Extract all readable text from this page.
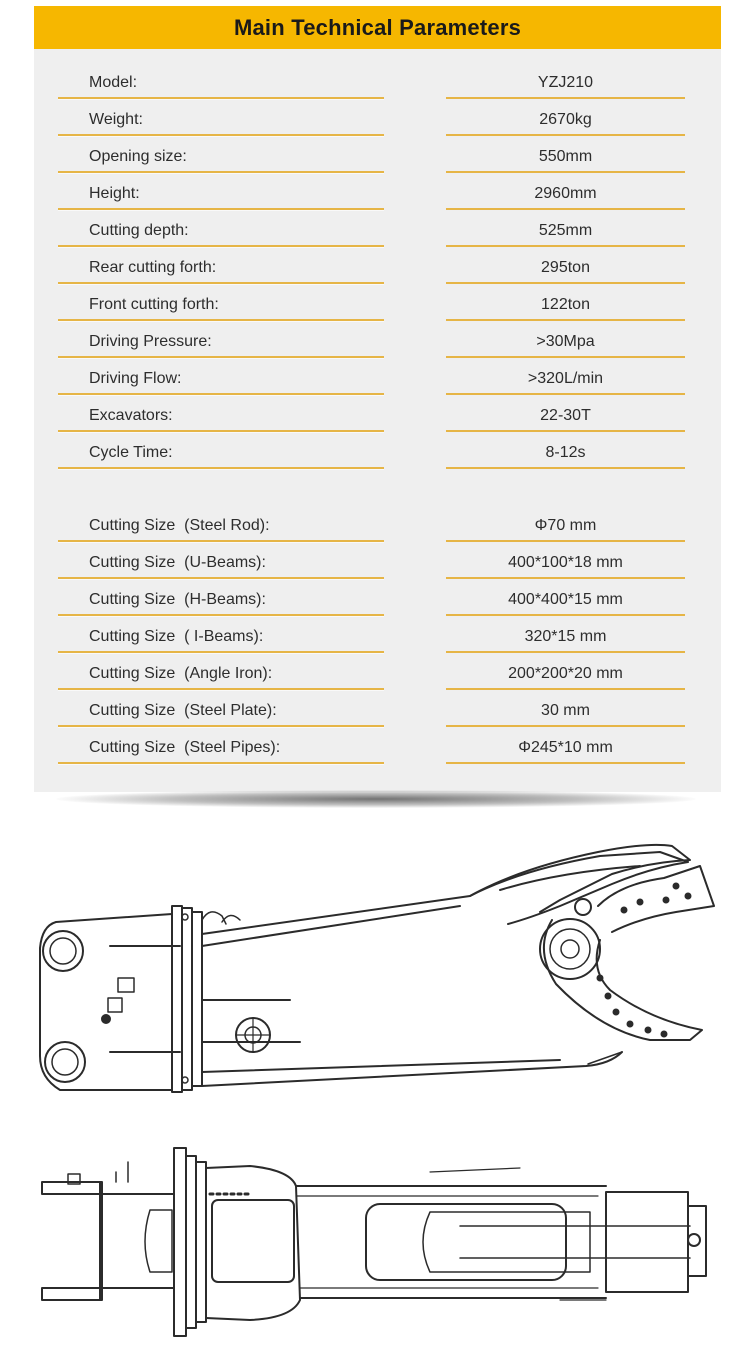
Main Technical Parameters
Model:	YZJ210
Weight:	2670kg
Opening size:	550mm
Height:	2960mm
Cutting depth:	525mm
Rear cutting forth:	295ton
Front cutting forth:	122ton
Driving Pressure:	>30Mpa
Driving Flow:	>320L/min
Excavators:	22-30T
Cycle Time:	8-12s
Cutting Size  (Steel Rod):	Φ70 mm
Cutting Size  (U-Beams):	400*100*18 mm
Cutting Size  (H-Beams):	400*400*15 mm
Cutting Size  ( I-Beams):	320*15 mm
Cutting Size  (Angle Iron):	200*200*20 mm
Cutting Size  (Steel Plate):	30 mm
Cutting Size  (Steel Pipes):	Φ245*10 mm
